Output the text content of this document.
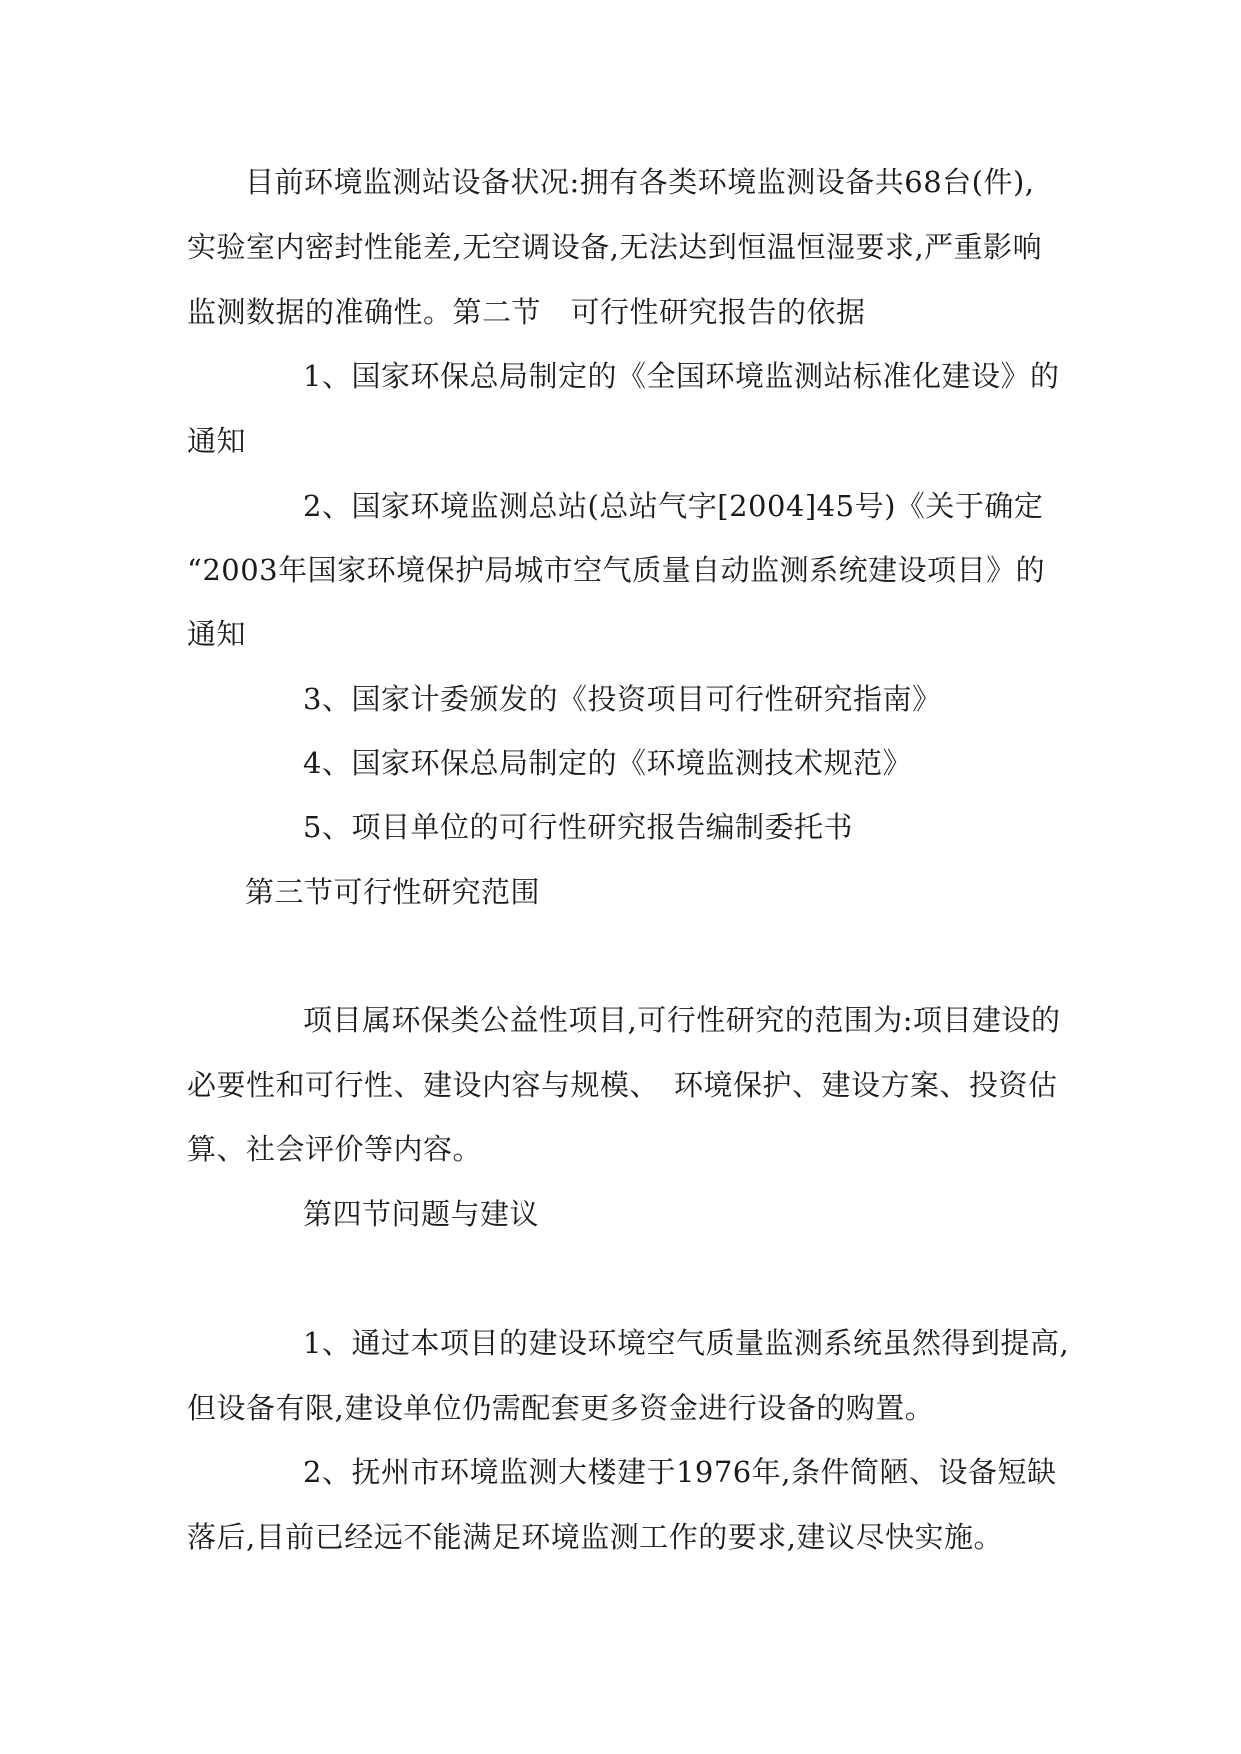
目前环境监测站设备状况:拥有各类环境监测设备共68台(件),
实验室内密封性能差,无空调设备,无法达到恒温恒湿要求,严重影响
监测数据的准确性。第二节　可行性研究报告的依据
1、国家环保总局制定的《全国环境监测站标准化建设》的
通知
2、国家环境监测总站(总站气字[2004]45号)《关于确定
“2003年国家环境保护局城市空气质量自动监测系统建设项目》的
通知
3、国家计委颁发的《投资项目可行性研究指南》
4、国家环保总局制定的《环境监测技术规范》
5、项目单位的可行性研究报告编制委托书
第三节可行性研究范围
项目属环保类公益性项目,可行性研究的范围为:项目建设的
必要性和可行性、建设内容与规模、　环境保护、建设方案、投资估
算、社会评价等内容。
第四节问题与建议
1、通过本项目的建设环境空气质量监测系统虽然得到提高,
但设备有限,建设单位仍需配套更多资金进行设备的购置。
2、抚州市环境监测大楼建于1976年,条件简陋、设备短缺
落后,目前已经远不能满足环境监测工作的要求,建议尽快实施。
